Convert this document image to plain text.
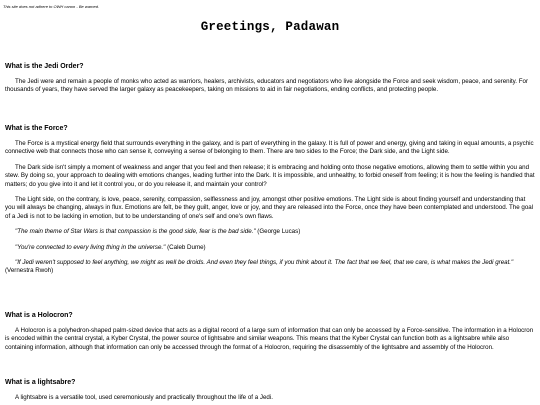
This site does not adhere to OWH canon - Be warned.
Greetings, Padawan
What is the Jedi Order?

The Jedi were and remain a people of monks who acted as warriors, healers, archivists, educators and negotiators who live alongside the Force and seek wisdom, peace, and serenity. For thousands of years, they have served the larger galaxy as peacekeepers, taking on missions to aid in fair negotiations, ending conflicts, and protecting people.

What is the Force?

The Force is a mystical energy field that surrounds everything in the galaxy, and is part of everything in the galaxy. It is full of power and energy, giving and taking in equal amounts, a psychic connective web that connects those who can sense it, conveying a sense of belonging to them. There are two sides to the Force; the Dark side, and the Light side.

The Dark side isn't simply a moment of weakness and anger that you feel and then release; it is embracing and holding onto those negative emotions, allowing them to settle within you and stew. By doing so, your approach to dealing with emotions changes, leading further into the Dark. It is impossible, and unhealthy, to forbid oneself from feeling; it is how the feeling is handled that matters; do you give into it and let it control you, or do you release it, and maintain your control?

The Light side, on the contrary, is love, peace, serenity, compassion, selflessness and joy, amongst other positive emotions. The Light side is about finding yourself and understanding that you will always be changing, always in flux. Emotions are felt, be they guilt, anger, love or joy, and they are released into the Force, once they have been contemplated and understood. The goal of a Jedi is not to be lacking in emotion, but to be understanding of one's self and one's own flaws.

"The main theme of Star Wars is that compassion is the good side, fear is the bad side." (George Lucas)

"You're connected to every living thing in the universe." (Caleb Dume)

"If Jedi weren't supposed to feel anything, we might as well be droids. And even they feel things, if you think about it. The fact that we feel, that we care, is what makes the Jedi great." (Vernestra Rwoh)

What is a Holocron?

A Holocron is a polyhedron-shaped palm-sized device that acts as a digital record of a large sum of information that can only be accessed by a Force-sensitive. The information in a Holocron is encoded within the central crystal, a Kyber Crystal, the power source of lightsabre and similar weapons. This means that the Kyber Crystal can function both as a lightsabre while also containing information, although that information can only be accessed through the format of a Holocron, requiring the disassembly of the lightsabre and assembly of the Holocron.

What is a lightsabre?

A lightsabre is a versatile tool, used ceremoniously and practically throughout the life of a Jedi.
